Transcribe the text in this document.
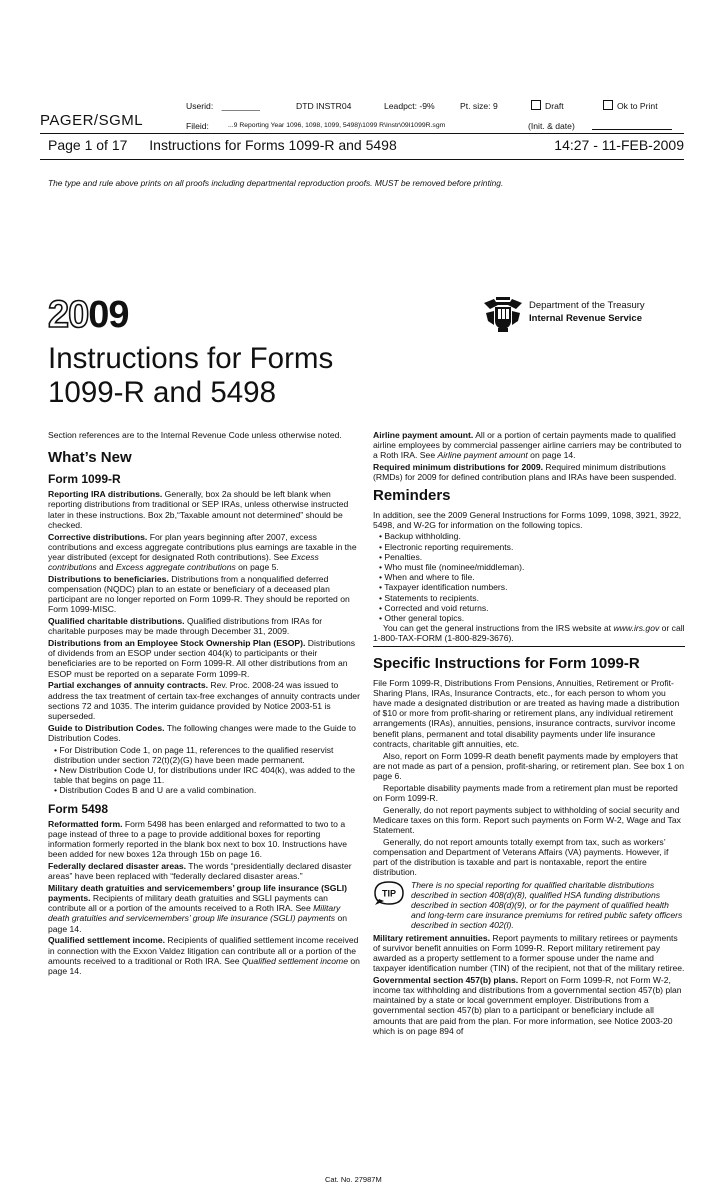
Userid: ________	DTD INSTR04	Leadpct: -9%	Pt. size: 9	Draft	Ok to Print
PAGER/SGML	Fileid:	...9 Reporting Year 1096, 1098, 1099, 5498)\1099 R\Instr\09I1099R.sgm	(Init. & date)
Page 1 of 17 Instructions for Forms 1099-R and 5498	14:27 - 11-FEB-2009
The type and rule above prints on all proofs including departmental reproduction proofs. MUST be removed before printing.
2009	Department of the Treasury
Internal Revenue Service
Instructions for Forms
1099-R and 5498

Section references are to the Internal Revenue Code unless otherwise noted.

What’s New
Form 1099-R

Reporting IRA distributions. Generally, box 2a should be left blank when reporting distributions from traditional or SEP IRAs, unless otherwise instructed later in these instructions. Box 2b,“Taxable amount not determined” should be checked.

Corrective distributions. For plan years beginning after 2007, excess contributions and excess aggregate contributions plus earnings are taxable in the year distributed (except for designated Roth contributions). See Excess contributions and Excess aggregate contributions on page 5.

Distributions to beneficiaries. Distributions from a nonqualified deferred compensation (NQDC) plan to an estate or beneficiary of a deceased plan participant are no longer reported on Form 1099-R. They should be reported on Form 1099-MISC.

Qualified charitable distributions. Qualified distributions from IRAs for charitable purposes may be made through December 31, 2009.

Distributions from an Employee Stock Ownership Plan (ESOP). Distributions of dividends from an ESOP under section 404(k) to participants or their beneficiaries are to be reported on Form 1099-R. All other distributions from an ESOP must be reported on a separate Form 1099-R.

Partial exchanges of annuity contracts. Rev. Proc. 2008-24 was issued to address the tax treatment of certain tax-free exchanges of annuity contracts under sections 72 and 1035. The interim guidance provided by Notice 2003-51 is superseded.

Guide to Distribution Codes. The following changes were made to the Guide to Distribution Codes.

• For Distribution Code 1, on page 11, references to the qualified reservist distribution under section 72(t)(2)(G) have been made permanent.

• New Distribution Code U, for distributions under IRC 404(k), was added to the table that begins on page 11.

• Distribution Codes B and U are a valid combination.

Form 5498

Reformatted form. Form 5498 has been enlarged and reformatted to two to a page instead of three to a page to provide additional boxes for reporting information formerly reported in the blank box next to box 10. Instructions have been added for new boxes 12a through 15b on page 16.

Federally declared disaster areas. The words “presidentially declared disaster areas” have been replaced with “federally declared disaster areas.”

Military death gratuities and servicemembers’ group life insurance (SGLI) payments. Recipients of military death gratuities and SGLI payments can contribute all or a portion of the amounts received to a Roth IRA. See Military death gratuities and servicemembers’ group life insurance (SGLI) payments on page 14.

Qualified settlement income. Recipients of qualified settlement income received in connection with the Exxon Valdez litigation can contribute all or a portion of the amounts received to a traditional or Roth IRA. See Qualified settlement income on page 14.

Airline payment amount. All or a portion of certain payments made to qualified airline employees by commercial passenger airline carriers may be contributed to a Roth IRA. See Airline payment amount on page 14.

Required minimum distributions for 2009. Required minimum distributions (RMDs) for 2009 for defined contribution plans and IRAs have been suspended.

Reminders

In addition, see the 2009 General Instructions for Forms 1099, 1098, 3921, 3922, 5498, and W-2G for information on the following topics.

• Backup withholding.

• Electronic reporting requirements.

• Penalties.

• Who must file (nominee/middleman).

• When and where to file.

• Taxpayer identification numbers.

• Statements to recipients.

• Corrected and void returns.

• Other general topics.

You can get the general instructions from the IRS website at www.irs.gov or call 1-800-TAX-FORM (1-800-829-3676).

Specific Instructions for Form 1099-R

File Form 1099-R, Distributions From Pensions, Annuities, Retirement or Profit-Sharing Plans, IRAs, Insurance Contracts, etc., for each person to whom you have made a designated distribution or are treated as having made a distribution of $10 or more from profit-sharing or retirement plans, any individual retirement arrangements (IRAs), annuities, pensions, insurance contracts, survivor income benefit plans, permanent and total disability payments under life insurance contracts, charitable gift annuities, etc.

Also, report on Form 1099-R death benefit payments made by employers that are not made as part of a pension, profit-sharing, or retirement plan. See box 1 on page 6.

Reportable disability payments made from a retirement plan must be reported on Form 1099-R.

Generally, do not report payments subject to withholding of social security and Medicare taxes on this form. Report such payments on Form W-2, Wage and Tax Statement.

Generally, do not report amounts totally exempt from tax, such as workers’ compensation and Department of Veterans Affairs (VA) payments. However, if part of the distribution is taxable and part is nontaxable, report the entire distribution.

TIP
There is no special reporting for qualified charitable distributions described in section 408(d)(8), qualified HSA funding distributions described in section 408(d)(9), or for the payment of qualified health and long-term care insurance premiums for retired public safety officers described in section 402(l).

Military retirement annuities. Report payments to military retirees or payments of survivor benefit annuities on Form 1099-R. Report military retirement pay awarded as a property settlement to a former spouse under the name and taxpayer identification number (TIN) of the recipient, not that of the military retiree.

Governmental section 457(b) plans. Report on Form 1099-R, not Form W-2, income tax withholding and distributions from a governmental section 457(b) plan maintained by a state or local government employer. Distributions from a governmental section 457(b) plan to a participant or beneficiary include all amounts that are paid from the plan. For more information, see Notice 2003-20 which is on page 894 of

Cat. No. 27987M
